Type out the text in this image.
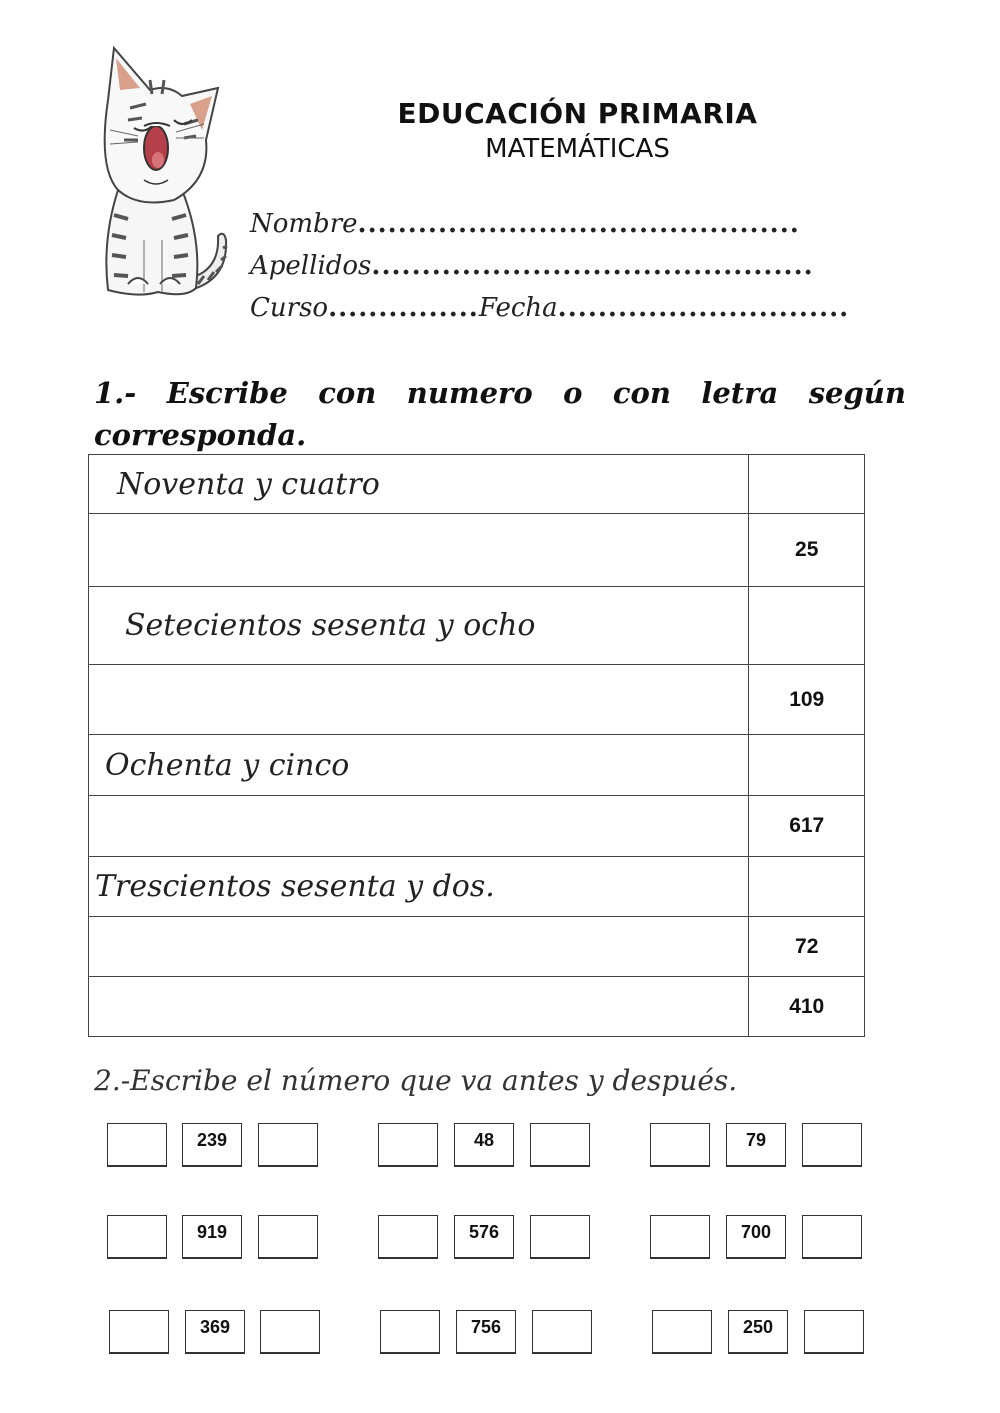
EDUCACIÓN PRIMARIA
MATEMÁTICAS
Nombre............................................
Apellidos............................................
Curso...............Fecha.............................
1.- Escribe con numero o con letra según
corresponda.
Noventa y cuatro	
	25
Setecientos sesenta y ocho	
	109
Ochenta y cinco	
	617
Trescientos sesenta y dos.	
	72
	410
2.-Escribe el número que va antes y después.
239	48	79
919	576	700
369	756	250
